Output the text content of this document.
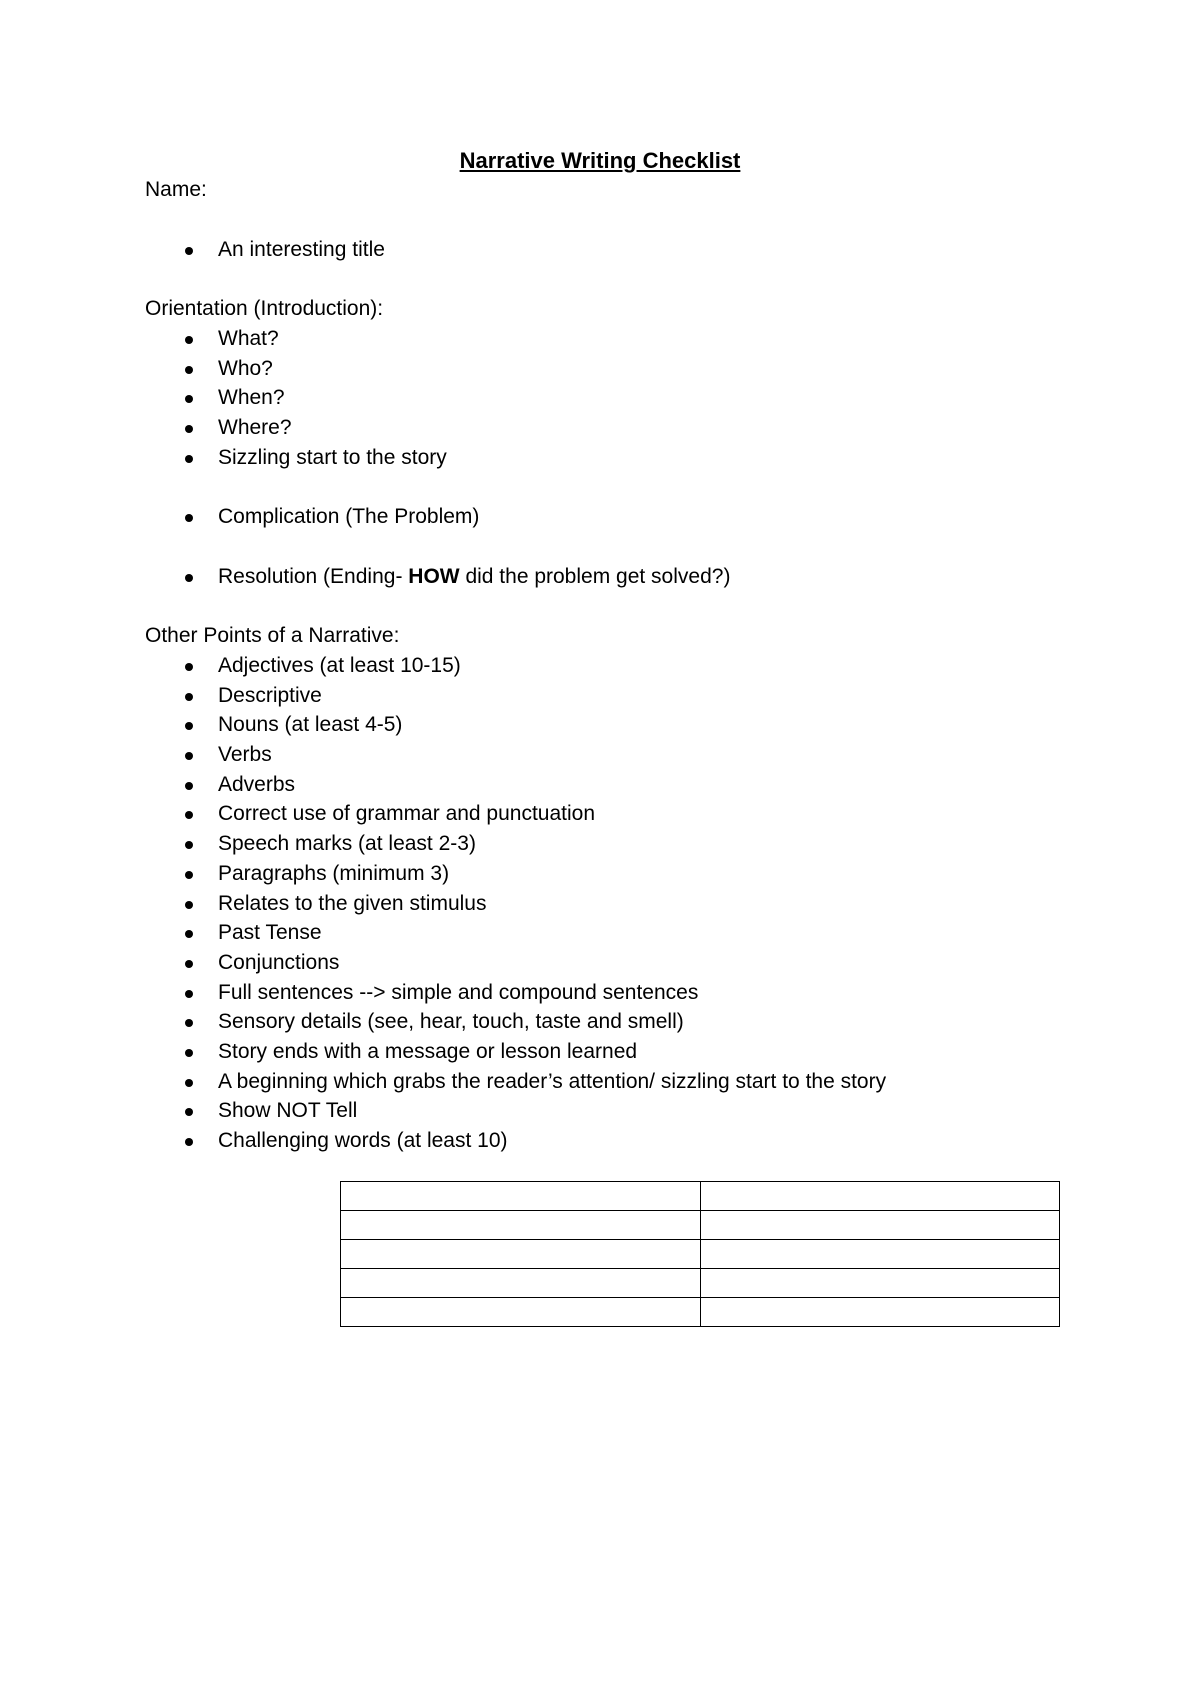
Narrative Writing Checklist
Name:
An interesting title
Orientation (Introduction):
What?
Who?
When?
Where?
Sizzling start to the story
Complication (The Problem)
Resolution (Ending- HOW did the problem get solved?)
Other Points of a Narrative:
Adjectives (at least 10-15)
Descriptive
Nouns (at least 4-5)
Verbs
Adverbs
Correct use of grammar and punctuation
Speech marks (at least 2-3)
Paragraphs (minimum 3)
Relates to the given stimulus
Past Tense
Conjunctions
Full sentences --> simple and compound sentences
Sensory details (see, hear, touch, taste and smell)
Story ends with a message or lesson learned
A beginning which grabs the reader’s attention/ sizzling start to the story
Show NOT Tell
Challenging words (at least 10)
